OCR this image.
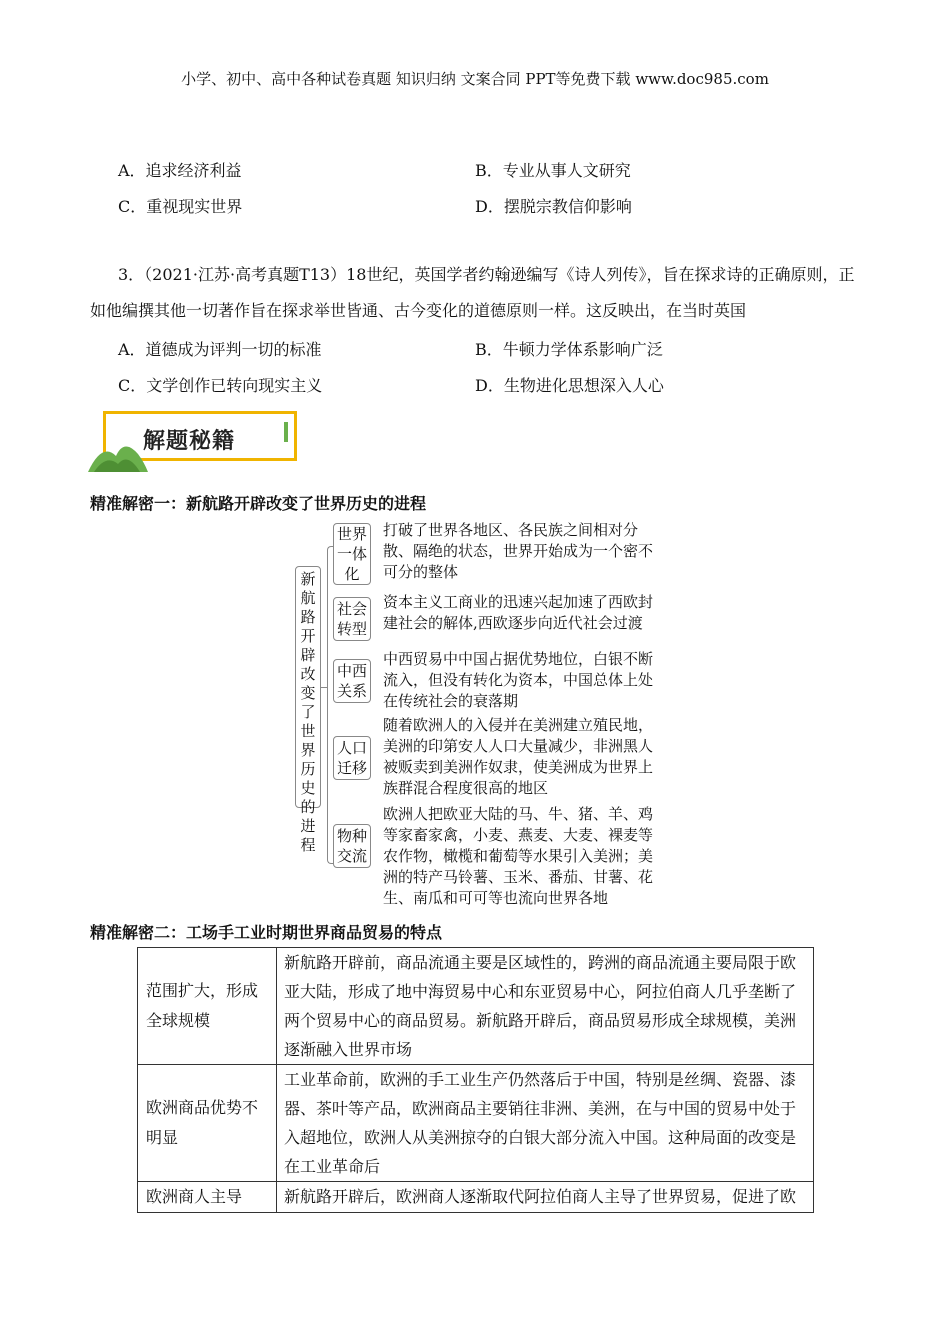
小学、初中、高中各种试卷真题 知识归纳 文案合同 PPT等免费下载 www.doc985.com
A．追求经济利益	B．专业从事人文研究
C．重视现实世界	D．摆脱宗教信仰影响
3．（2021·江苏·高考真题T13）18世纪，英国学者约翰逊编写《诗人列传》，旨在探求诗的正确原则，正如他编撰其他一切著作旨在探求举世皆通、古今变化的道德原则一样。这反映出，在当时英国
A．道德成为评判一切的标准	B．牛顿力学体系影响广泛
C．文学创作已转向现实主义	D．生物进化思想深入人心
解题秘籍
精准解密一：新航路开辟改变了世界历史的进程
新航路开辟改变了世界历史的进程
世界一体化
打破了世界各地区、各民族之间相对分散、隔绝的状态，世界开始成为一个密不可分的整体
社会转型
资本主义工商业的迅速兴起加速了西欧封建社会的解体,西欧逐步向近代社会过渡
中西关系
中西贸易中中国占据优势地位，白银不断流入，但没有转化为资本，中国总体上处在传统社会的衰落期
人口迁移
随着欧洲人的入侵并在美洲建立殖民地，美洲的印第安人人口大量减少，非洲黑人被贩卖到美洲作奴隶，使美洲成为世界上族群混合程度很高的地区
物种交流
欧洲人把欧亚大陆的马、牛、猪、羊、鸡等家畜家禽，小麦、燕麦、大麦、裸麦等农作物，橄榄和葡萄等水果引入美洲；美洲的特产马铃薯、玉米、番茄、甘薯、花生、南瓜和可可等也流向世界各地
精准解密二：工场手工业时期世界商品贸易的特点
范围扩大，形成全球规模	新航路开辟前，商品流通主要是区域性的，跨洲的商品流通主要局限于欧亚大陆，形成了地中海贸易中心和东亚贸易中心，阿拉伯商人几乎垄断了两个贸易中心的商品贸易。新航路开辟后，商品贸易形成全球规模，美洲逐渐融入世界市场
欧洲商品优势不明显	工业革命前，欧洲的手工业生产仍然落后于中国，特别是丝绸、瓷器、漆器、茶叶等产品，欧洲商品主要销往非洲、美洲，在与中国的贸易中处于入超地位，欧洲人从美洲掠夺的白银大部分流入中国。这种局面的改变是在工业革命后
欧洲商人主导	新航路开辟后，欧洲商人逐渐取代阿拉伯商人主导了世界贸易，促进了欧
